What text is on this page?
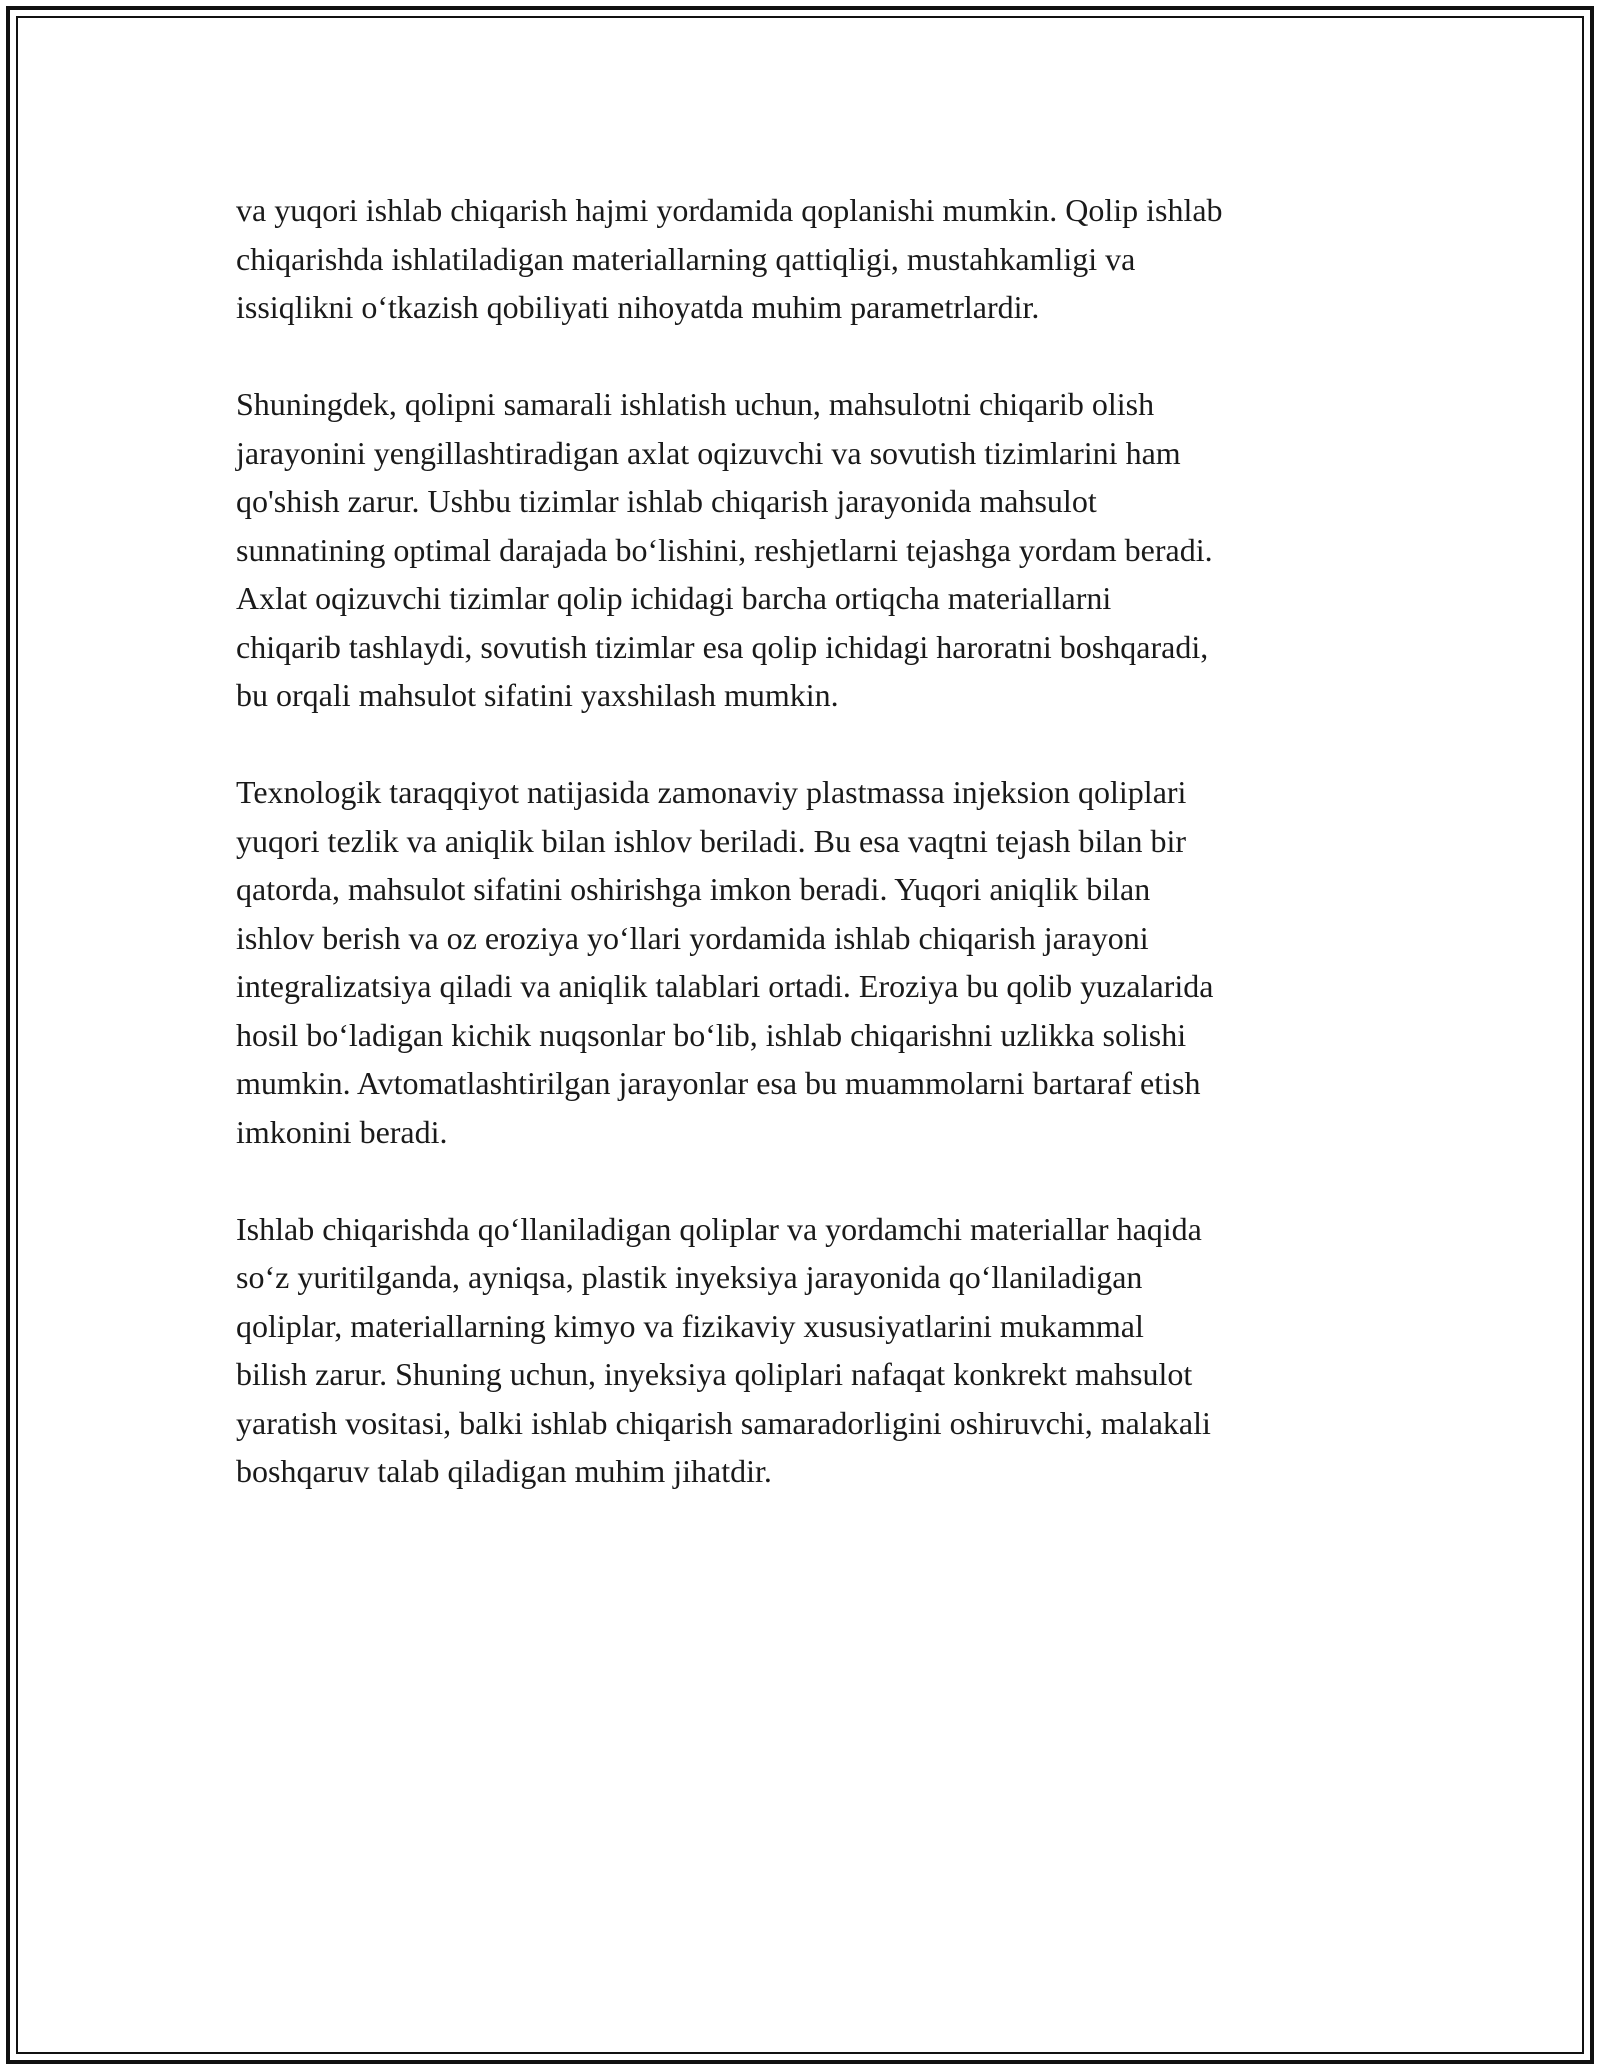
va yuqori ishlab chiqarish hajmi yordamida qoplanishi mumkin. Qolip ishlab
chiqarishda ishlatiladigan materiallarning qattiqligi, mustahkamligi va
issiqlikni o‘tkazish qobiliyati nihoyatda muhim parametrlardir.

Shuningdek, qolipni samarali ishlatish uchun, mahsulotni chiqarib olish
jarayonini yengillashtiradigan axlat oqizuvchi va sovutish tizimlarini ham
qo'shish zarur. Ushbu tizimlar ishlab chiqarish jarayonida mahsulot
sunnatining optimal darajada bo‘lishini, reshjetlarni tejashga yordam beradi.
Axlat oqizuvchi tizimlar qolip ichidagi barcha ortiqcha materiallarni
chiqarib tashlaydi, sovutish tizimlar esa qolip ichidagi haroratni boshqaradi,
bu orqali mahsulot sifatini yaxshilash mumkin.

Texnologik taraqqiyot natijasida zamonaviy plastmassa injeksion qoliplari
yuqori tezlik va aniqlik bilan ishlov beriladi. Bu esa vaqtni tejash bilan bir
qatorda, mahsulot sifatini oshirishga imkon beradi. Yuqori aniqlik bilan
ishlov berish va oz eroziya yo‘llari yordamida ishlab chiqarish jarayoni
integralizatsiya qiladi va aniqlik talablari ortadi. Eroziya bu qolib yuzalarida
hosil bo‘ladigan kichik nuqsonlar bo‘lib, ishlab chiqarishni uzlikka solishi
mumkin. Avtomatlashtirilgan jarayonlar esa bu muammolarni bartaraf etish
imkonini beradi.

Ishlab chiqarishda qo‘llaniladigan qoliplar va yordamchi materiallar haqida
so‘z yuritilganda, ayniqsa, plastik inyeksiya jarayonida qo‘llaniladigan
qoliplar, materiallarning kimyo va fizikaviy xususiyatlarini mukammal
bilish zarur. Shuning uchun, inyeksiya qoliplari nafaqat konkrekt mahsulot
yaratish vositasi, balki ishlab chiqarish samaradorligini oshiruvchi, malakali
boshqaruv talab qiladigan muhim jihatdir.
